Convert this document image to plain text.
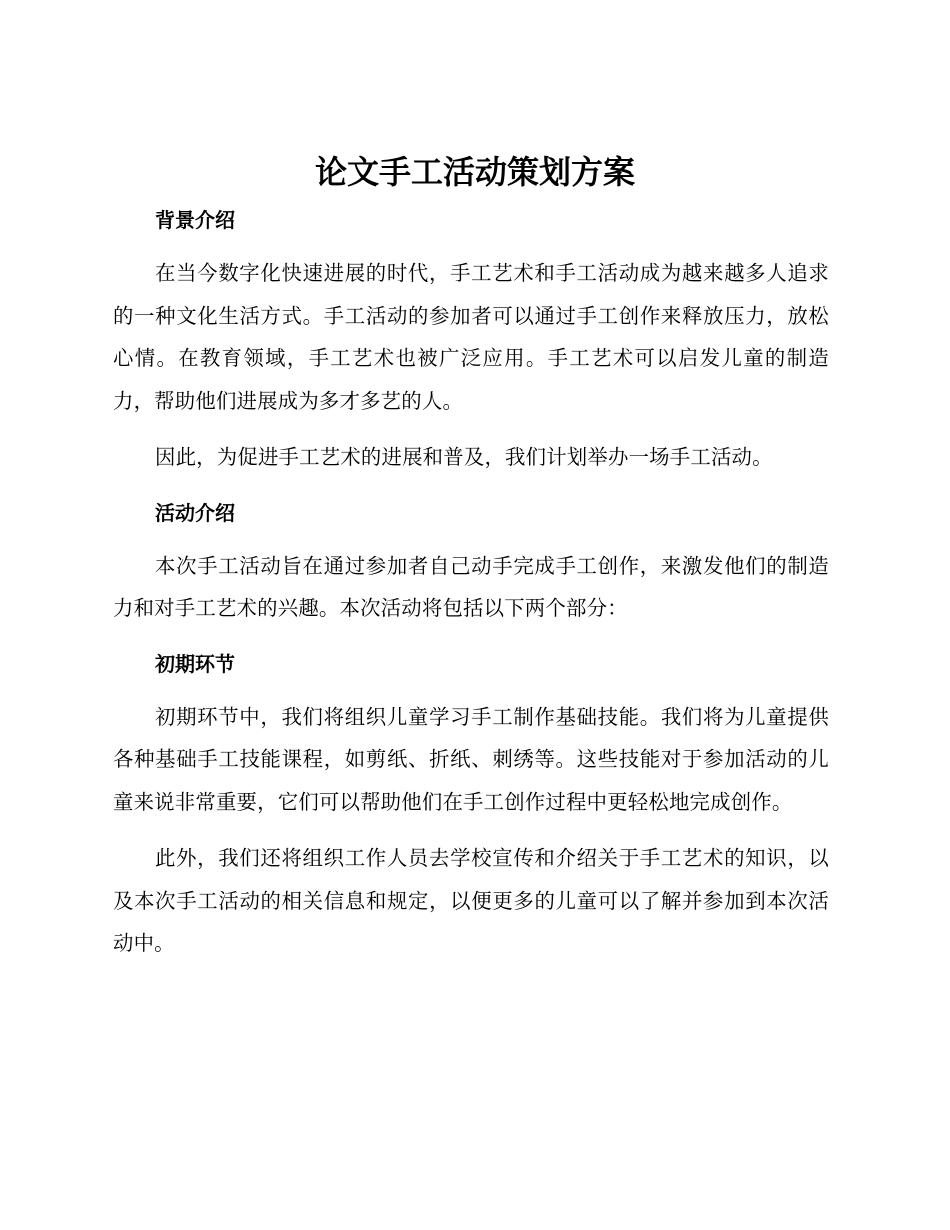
论文手工活动策划方案
背景介绍

在当今数字化快速进展的时代，手工艺术和手工活动成为越来越多人追求的一种文化生活方式。手工活动的参加者可以通过手工创作来释放压力，放松心情。在教育领域，手工艺术也被广泛应用。手工艺术可以启发儿童的制造力，帮助他们进展成为多才多艺的人。

因此，为促进手工艺术的进展和普及，我们计划举办一场手工活动。

活动介绍

本次手工活动旨在通过参加者自己动手完成手工创作，来激发他们的制造力和对手工艺术的兴趣。本次活动将包括以下两个部分：

初期环节

初期环节中，我们将组织儿童学习手工制作基础技能。我们将为儿童提供各种基础手工技能课程，如剪纸、折纸、刺绣等。这些技能对于参加活动的儿童来说非常重要，它们可以帮助他们在手工创作过程中更轻松地完成创作。

此外，我们还将组织工作人员去学校宣传和介绍关于手工艺术的知识，以及本次手工活动的相关信息和规定，以便更多的儿童可以了解并参加到本次活动中。
